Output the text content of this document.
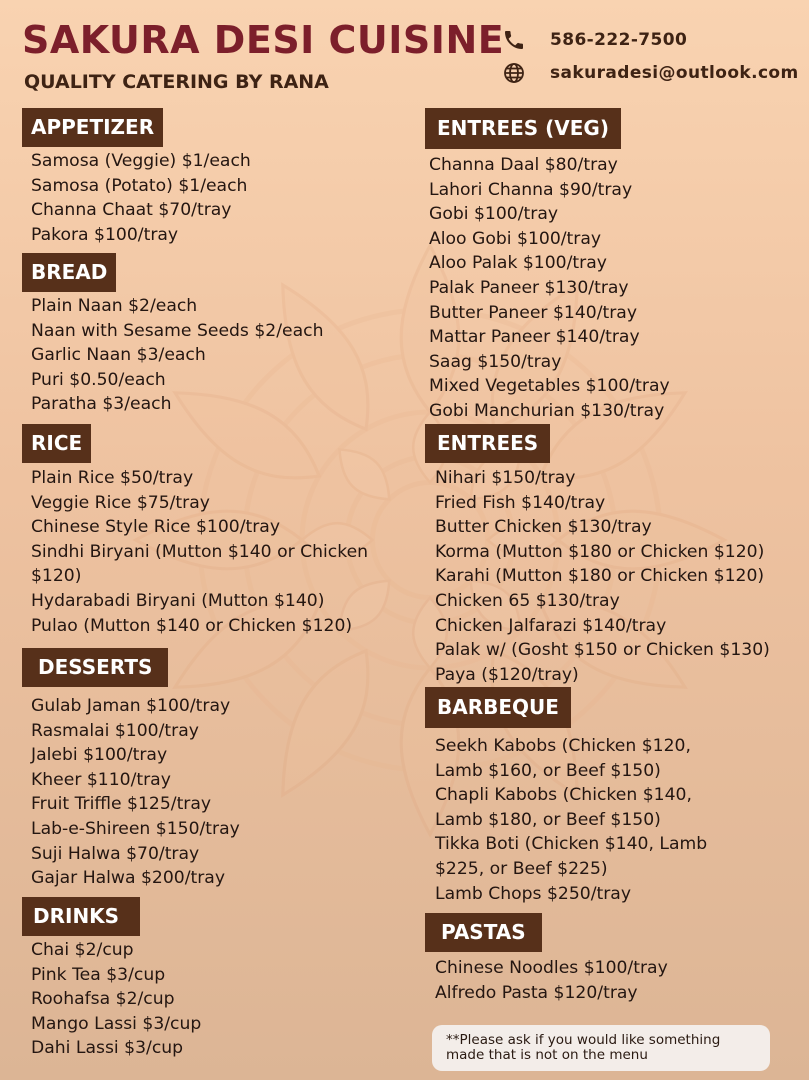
SAKURA DESI CUISINE
QUALITY CATERING BY RANA
586-222-7500
sakuradesi@outlook.com
APPETIZER
Samosa (Veggie) $1/each
Samosa (Potato) $1/each
Channa Chaat $70/tray
Pakora $100/tray
BREAD
Plain Naan $2/each
Naan with Sesame Seeds $2/each
Garlic Naan $3/each
Puri $0.50/each
Paratha $3/each
RICE
Plain Rice $50/tray
Veggie Rice $75/tray
Chinese Style Rice $100/tray
Sindhi Biryani (Mutton $140 or Chicken $120)
Hydarabadi Biryani (Mutton $140)
Pulao (Mutton $140 or Chicken $120)
DESSERTS
Gulab Jaman $100/tray
Rasmalai $100/tray
Jalebi $100/tray
Kheer $110/tray
Fruit Triffle $125/tray
Lab-e-Shireen $150/tray
Suji Halwa $70/tray
Gajar Halwa $200/tray
DRINKS
Chai $2/cup
Pink Tea $3/cup
Roohafsa $2/cup
Mango Lassi $3/cup
Dahi Lassi $3/cup
ENTREES (VEG)
Channa Daal $80/tray
Lahori Channa $90/tray
Gobi $100/tray
Aloo Gobi $100/tray
Aloo Palak $100/tray
Palak Paneer $130/tray
Butter Paneer $140/tray
Mattar Paneer $140/tray
Saag $150/tray
Mixed Vegetables $100/tray
Gobi Manchurian $130/tray
ENTREES
Nihari $150/tray
Fried Fish $140/tray
Butter Chicken $130/tray
Korma (Mutton $180 or Chicken $120)
Karahi (Mutton $180 or Chicken $120)
Chicken 65 $130/tray
Chicken Jalfarazi $140/tray
Palak w/ (Gosht $150 or Chicken $130)
Paya ($120/tray)
BARBEQUE
Seekh Kabobs (Chicken $120, Lamb $160, or Beef $150)
Chapli Kabobs (Chicken $140, Lamb $180, or Beef $150)
Tikka Boti (Chicken $140, Lamb $225, or Beef $225)
Lamb Chops $250/tray
PASTAS
Chinese Noodles $100/tray
Alfredo Pasta $120/tray
**Please ask if you would like something made that is not on the menu
